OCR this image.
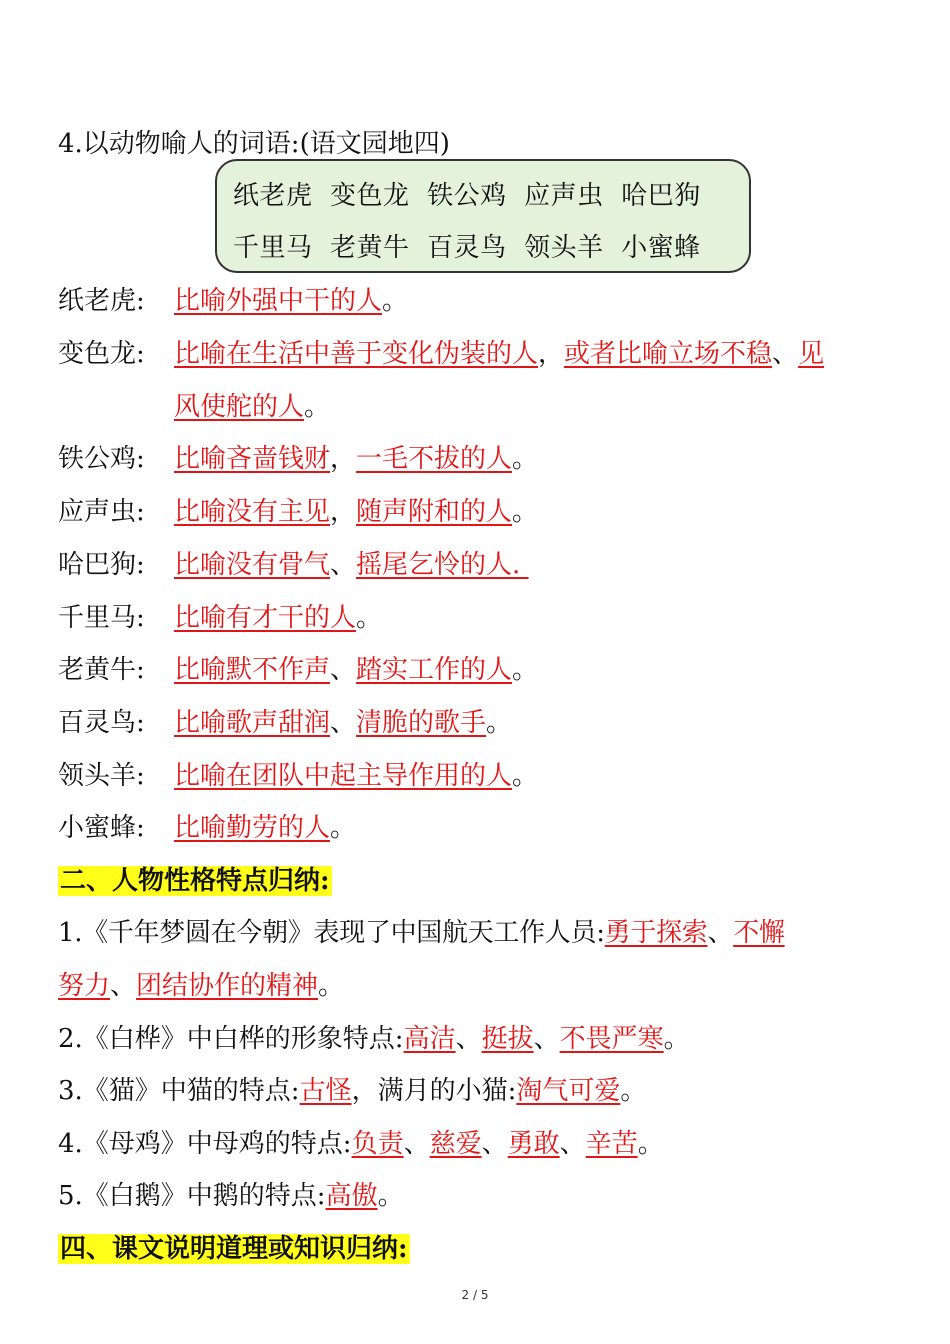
4.以动物喻人的词语:(语文园地四)
纸老虎 变色龙 铁公鸡 应声虫 哈巴狗
千里马 老黄牛 百灵鸟 领头羊 小蜜蜂
纸老虎: 比喻外强中干的人。
变色龙: 比喻在生活中善于变化伪装的人，或者比喻立场不稳、见
风使舵的人。
铁公鸡: 比喻吝啬钱财，一毛不拔的人。
应声虫: 比喻没有主见，随声附和的人。
哈巴狗: 比喻没有骨气、摇尾乞怜的人.
千里马: 比喻有才干的人。
老黄牛: 比喻默不作声、踏实工作的人。
百灵鸟: 比喻歌声甜润、清脆的歌手。
领头羊: 比喻在团队中起主导作用的人。
小蜜蜂: 比喻勤劳的人。
二、人物性格特点归纳:
1.《千年梦圆在今朝》表现了中国航天工作人员:勇于探索、不懈
努力、团结协作的精神。
2.《白桦》中白桦的形象特点:高洁、挺拔、不畏严寒。
3.《猫》中猫的特点:古怪，满月的小猫:淘气可爱。
4.《母鸡》中母鸡的特点:负责、慈爱、勇敢、辛苦。
5.《白鹅》中鹅的特点:高傲。
四、课文说明道理或知识归纳:
2 / 5
